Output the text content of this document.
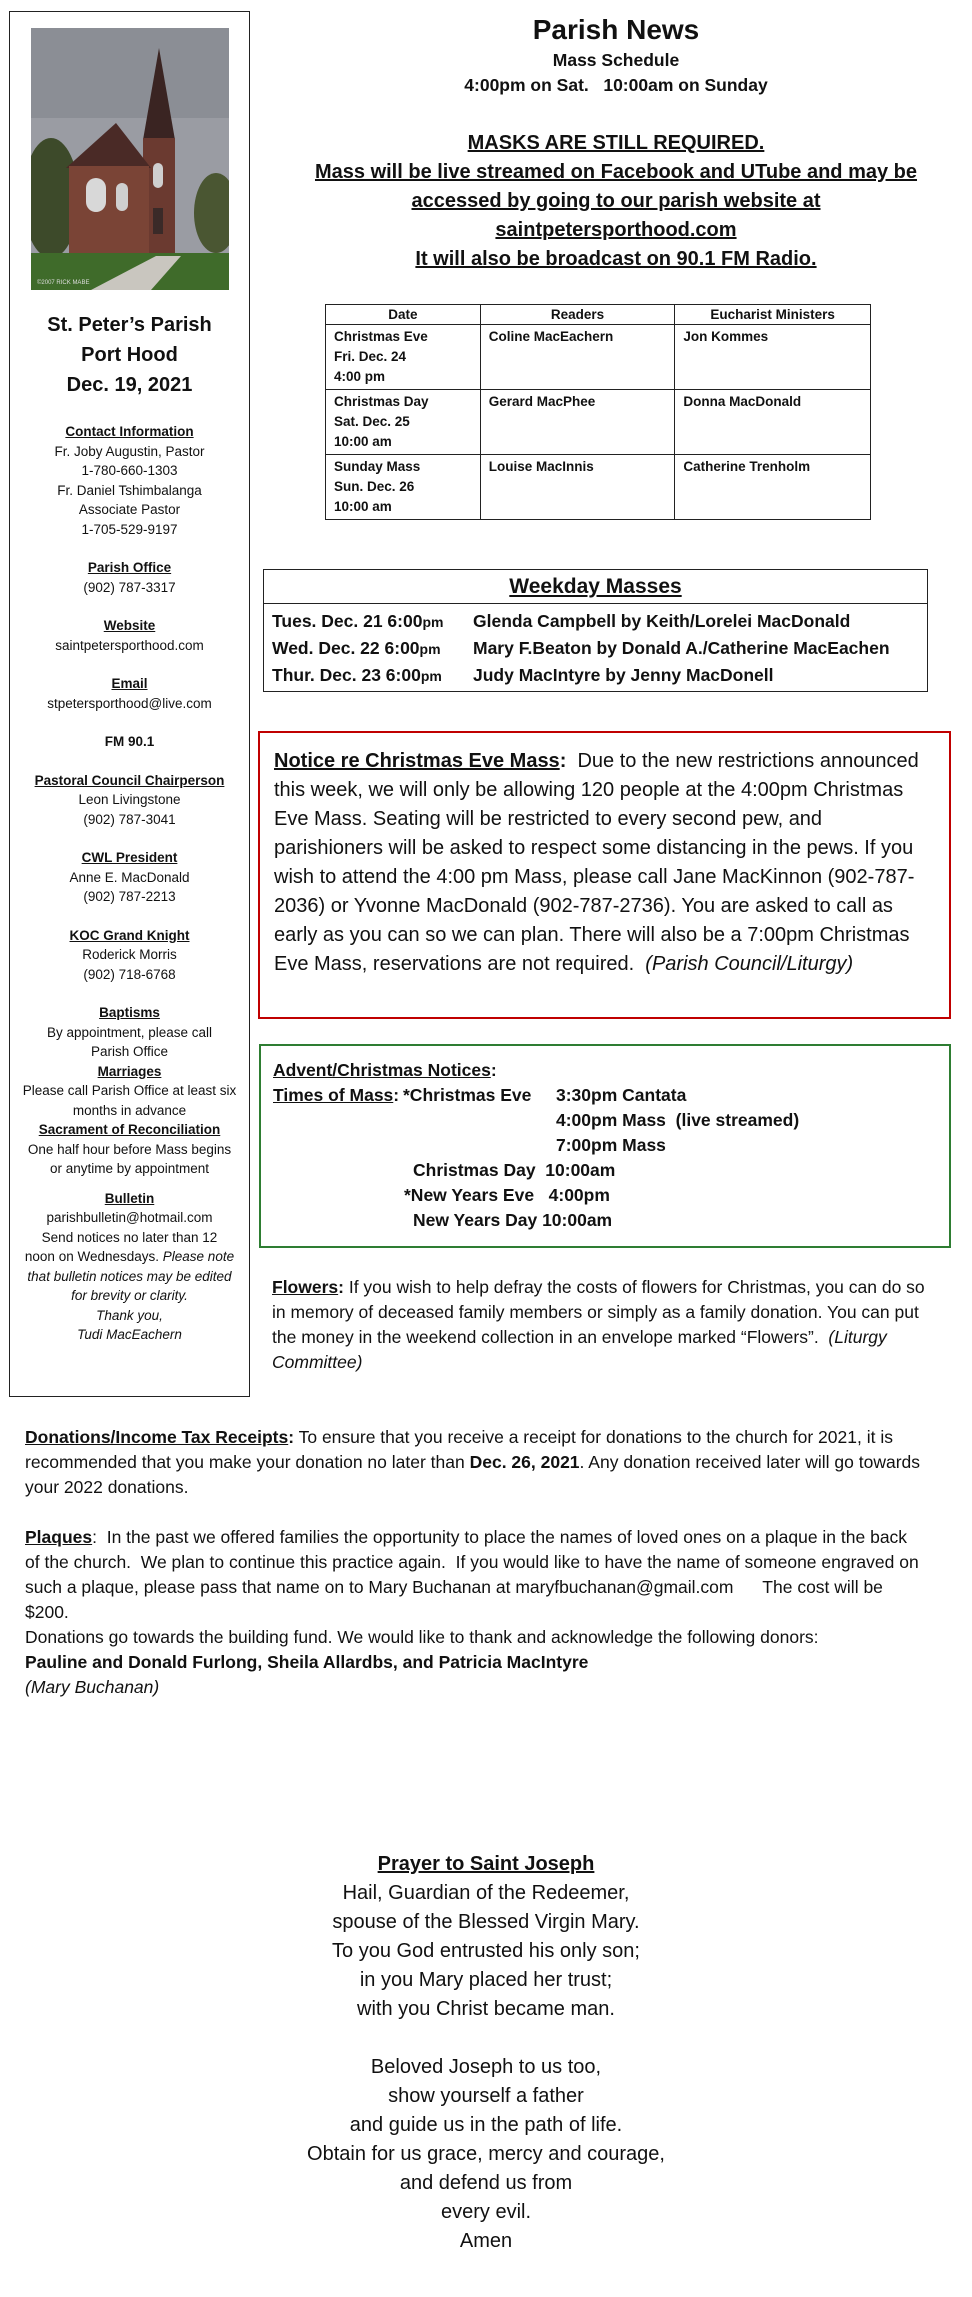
©2007 RICK MABE
St. Peter’s Parish
Port Hood
Dec. 19, 2021
Contact Information
Fr. Joby Augustin, Pastor
1-780-660-1303
Fr. Daniel Tshimbalanga
Associate Pastor
1-705-529-9197
Parish Office
(902) 787-3317
Website
saintpetersporthood.com
Email
stpetersporthood@live.com
FM 90.1
Pastoral Council Chairperson
Leon Livingstone
(902) 787-3041
CWL President
Anne E. MacDonald
(902) 787-2213
KOC Grand Knight
Roderick Morris
(902) 718-6768
Baptisms
By appointment, please call
Parish Office
Marriages
Please call Parish Office at least six
months in advance
Sacrament of Reconciliation
One half hour before Mass begins
or anytime by appointment
Bulletin
parishbulletin@hotmail.com
Send notices no later than 12
noon on Wednesdays. Please note
that bulletin notices may be edited
for brevity or clarity.
Thank you,
Tudi MacEachern
Parish News
Mass Schedule
4:00pm on Sat.   10:00am on Sunday
MASKS ARE STILL REQUIRED.
Mass will be live streamed on Facebook and UTube and may be
accessed by going to our parish website at
saintpetersporthood.com
It will also be broadcast on 90.1 FM Radio.
Date	Readers	Eucharist Ministers

Christmas Eve
Fri. Dec. 24
4:00 pm	Coline MacEachern	Jon Kommes

Christmas Day
Sat. Dec. 25
10:00 am	Gerard MacPhee	Donna MacDonald

Sunday Mass
Sun. Dec. 26
10:00 am	Louise MacInnis	Catherine Trenholm
Weekday Masses
Tues. Dec. 21 6:00pm Glenda Campbell by Keith/Lorelei MacDonald
Wed. Dec. 22 6:00pm Mary F.Beaton by Donald A./Catherine MacEachen
Thur. Dec. 23 6:00pm Judy MacIntyre by Jenny MacDonell
Notice re Christmas Eve Mass: Due to the new restrictions announced this week, we will only be allowing 120 people at the 4:00pm Christmas Eve Mass. Seating will be restricted to every second pew, and parishioners will be asked to respect some distancing in the pews. If you wish to attend the 4:00 pm Mass, please call Jane MacKinnon (902-787-2036) or Yvonne MacDonald (902-787-2736). You are asked to call as early as you can so we can plan. There will also be a 7:00pm Christmas Eve Mass, reservations are not required. (Parish Council/Liturgy)
Advent/Christmas Notices:
Times of Mass: *Christmas Eve 3:30pm Cantata
4:00pm Mass  (live streamed)
7:00pm Mass
Christmas Day  10:00am
*New Years Eve   4:00pm
New Years Day 10:00am
Flowers: If you wish to help defray the costs of flowers for Christmas, you can do so in memory of deceased family members or simply as a family donation. You can put the money in the weekend collection in an envelope marked “Flowers”. (Liturgy Committee)
Donations/Income Tax Receipts: To ensure that you receive a receipt for donations to the church for 2021, it is recommended that you make your donation no later than Dec. 26, 2021. Any donation received later will go towards your 2022 donations.
Plaques:  In the past we offered families the opportunity to place the names of loved ones on a plaque in the back of the church.  We plan to continue this practice again.  If you would like to have the name of someone engraved on such a plaque, please pass that name on to Mary Buchanan at maryfbuchanan@gmail.com      The cost will be $200.
Donations go towards the building fund. We would like to thank and acknowledge the following donors:
Pauline and Donald Furlong, Sheila Allardbs, and Patricia MacIntyre
(Mary Buchanan)
Prayer to Saint Joseph
Hail, Guardian of the Redeemer,
spouse of the Blessed Virgin Mary.
To you God entrusted his only son;
in you Mary placed her trust;
with you Christ became man.
Beloved Joseph to us too,
show yourself a father
and guide us in the path of life.
Obtain for us grace, mercy and courage,
and defend us from
every evil.
Amen
